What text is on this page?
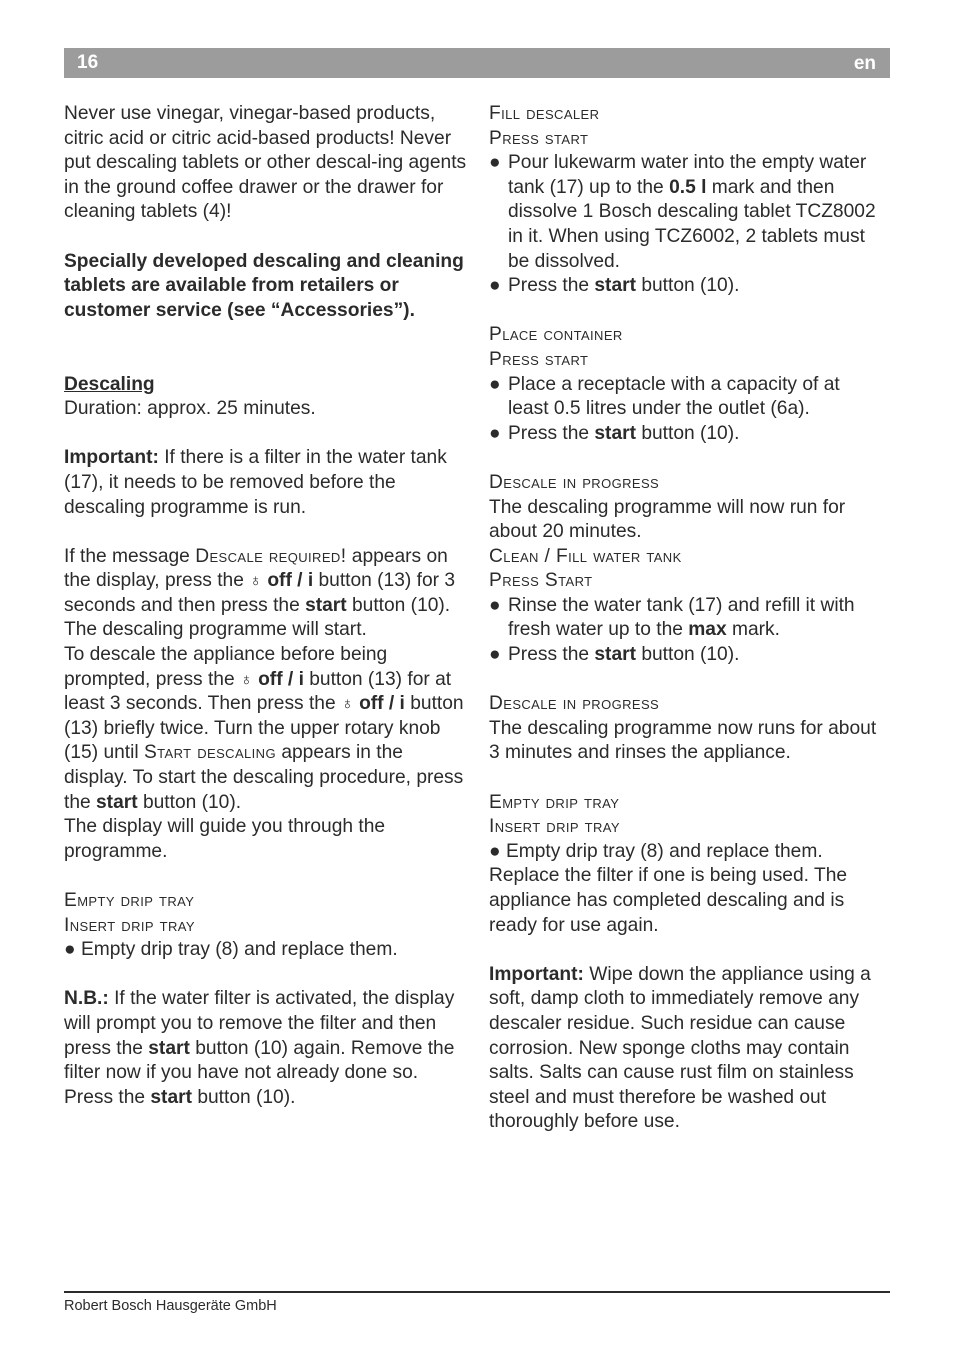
16	en

Never use vinegar, vinegar-based products, citric acid or citric acid-based products! Never put descaling tablets or other descal-ing agents in the ground coffee drawer or the drawer for cleaning tablets (4)!

Specially developed descaling and cleaning tablets are available from retailers or customer service (see “Accessories”).

Descaling

Duration: approx. 25 minutes.

Important: If there is a filter in the water tank (17), it needs to be removed before the descaling programme is run.

If the message Descale required! appears on the display, press the ♁ off / i button (13) for 3 seconds and then press the start button (10). The descaling programme will start.

To descale the appliance before being prompted, press the ♁ off / i button (13) for at least 3 seconds. Then press the ♁ off / i button (13) briefly twice. Turn the upper rotary knob (15) until Start descaling appears in the display. To start the descaling procedure, press the start button (10).

The display will guide you through the programme.

Empty drip tray

Insert drip tray

● Empty drip tray (8) and replace them.

N.B.: If the water filter is activated, the display will prompt you to remove the filter and then press the start button (10) again. Remove the filter now if you have not already done so. Press the start button (10).

Fill descaler

Press start

● Pour lukewarm water into the empty water tank (17) up to the 0.5 l mark and then dissolve 1 Bosch descaling tablet TCZ8002 in it. When using TCZ6002, 2 tablets must be dissolved.
● Press the start button (10).

Place container

Press start

● Place a receptacle with a capacity of at least 0.5 litres under the outlet (6a).
● Press the start button (10).

Descale in progress

The descaling programme will now run for about 20 minutes.

Clean / Fill water tank

Press Start

● Rinse the water tank (17) and refill it with fresh water up to the max mark.
● Press the start button (10).

Descale in progress

The descaling programme now runs for about 3 minutes and rinses the appliance.

Empty drip tray

Insert drip tray

● Empty drip tray (8) and replace them.

Replace the filter if one is being used. The appliance has completed descaling and is ready for use again.

Important: Wipe down the appliance using a soft, damp cloth to immediately remove any descaler residue. Such residue can cause corrosion. New sponge cloths may contain salts. Salts can cause rust film on stainless steel and must therefore be washed out thoroughly before use.

Robert Bosch Hausgeräte GmbH
